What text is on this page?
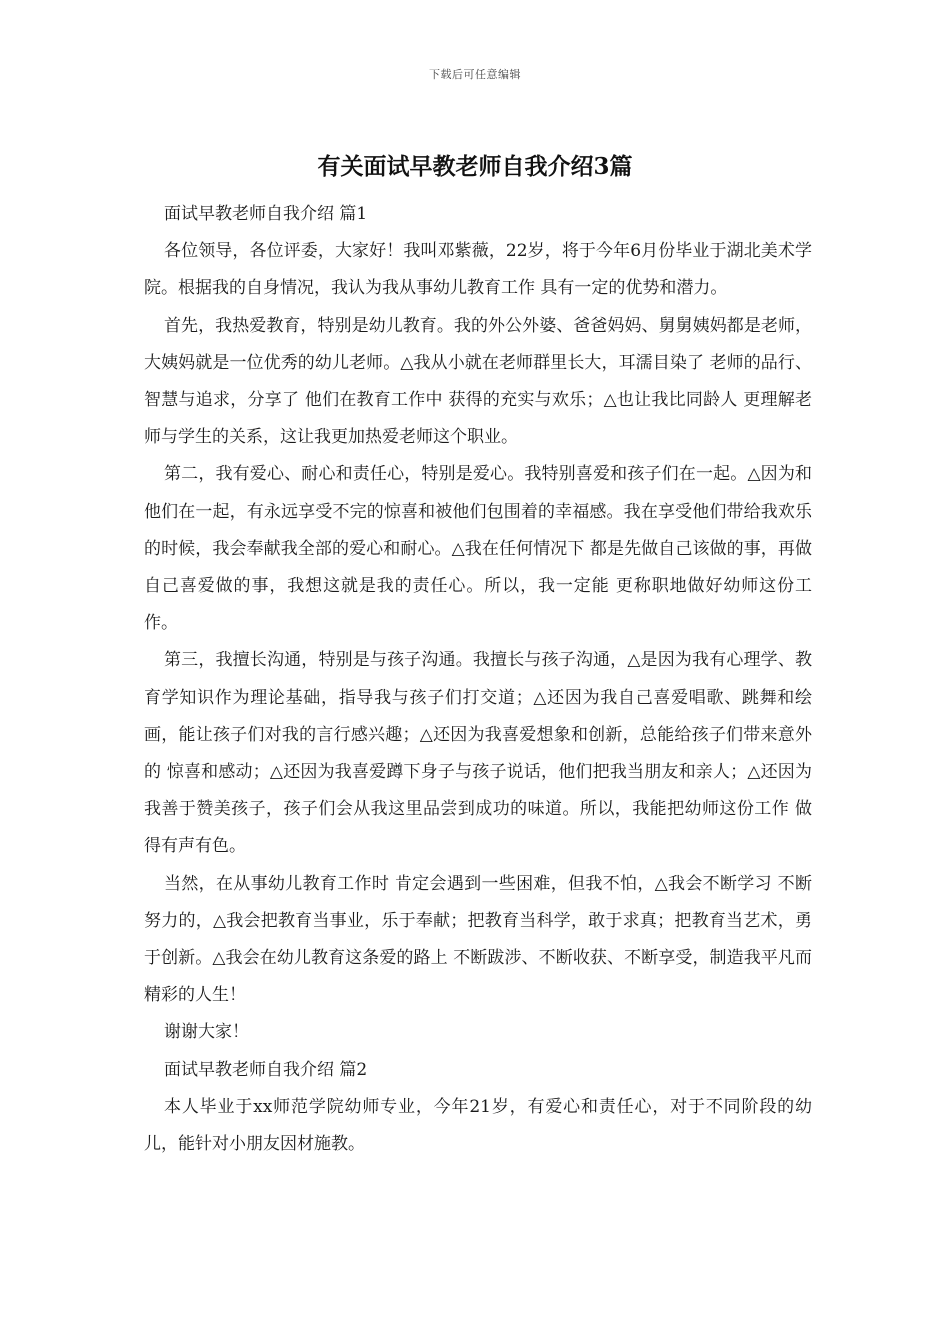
下载后可任意编辑
有关面试早教老师自我介绍3篇

面试早教老师自我介绍 篇1

各位领导，各位评委，大家好！我叫邓紫薇，22岁，将于今年6月份毕业于湖北美术学院。根据我的自身情况，我认为我从事幼儿教育工作 具有一定的优势和潜力。

首先，我热爱教育，特别是幼儿教育。我的外公外婆、爸爸妈妈、舅舅姨妈都是老师，大姨妈就是一位优秀的幼儿老师。△我从小就在老师群里长大，耳濡目染了 老师的品行、智慧与追求，分享了 他们在教育工作中 获得的充实与欢乐；△也让我比同龄人 更理解老师与学生的关系，这让我更加热爱老师这个职业。

第二，我有爱心、耐心和责任心，特别是爱心。我特别喜爱和孩子们在一起。△因为和他们在一起，有永远享受不完的惊喜和被他们包围着的幸福感。我在享受他们带给我欢乐的时候，我会奉献我全部的爱心和耐心。△我在任何情况下 都是先做自己该做的事，再做自己喜爱做的事，我想这就是我的责任心。所以，我一定能 更称职地做好幼师这份工作。

第三，我擅长沟通，特别是与孩子沟通。我擅长与孩子沟通，△是因为我有心理学、教育学知识作为理论基础，指导我与孩子们打交道；△还因为我自己喜爱唱歌、跳舞和绘画，能让孩子们对我的言行感兴趣；△还因为我喜爱想象和创新，总能给孩子们带来意外的 惊喜和感动；△还因为我喜爱蹲下身子与孩子说话，他们把我当朋友和亲人；△还因为我善于赞美孩子，孩子们会从我这里品尝到成功的味道。所以，我能把幼师这份工作 做得有声有色。

当然，在从事幼儿教育工作时 肯定会遇到一些困难，但我不怕，△我会不断学习 不断努力的，△我会把教育当事业，乐于奉献；把教育当科学，敢于求真；把教育当艺术，勇于创新。△我会在幼儿教育这条爱的路上 不断跋涉、不断收获、不断享受，制造我平凡而精彩的人生！

谢谢大家！

面试早教老师自我介绍 篇2

本人毕业于xx师范学院幼师专业，今年21岁，有爱心和责任心，对于不同阶段的幼儿，能针对小朋友因材施教。
